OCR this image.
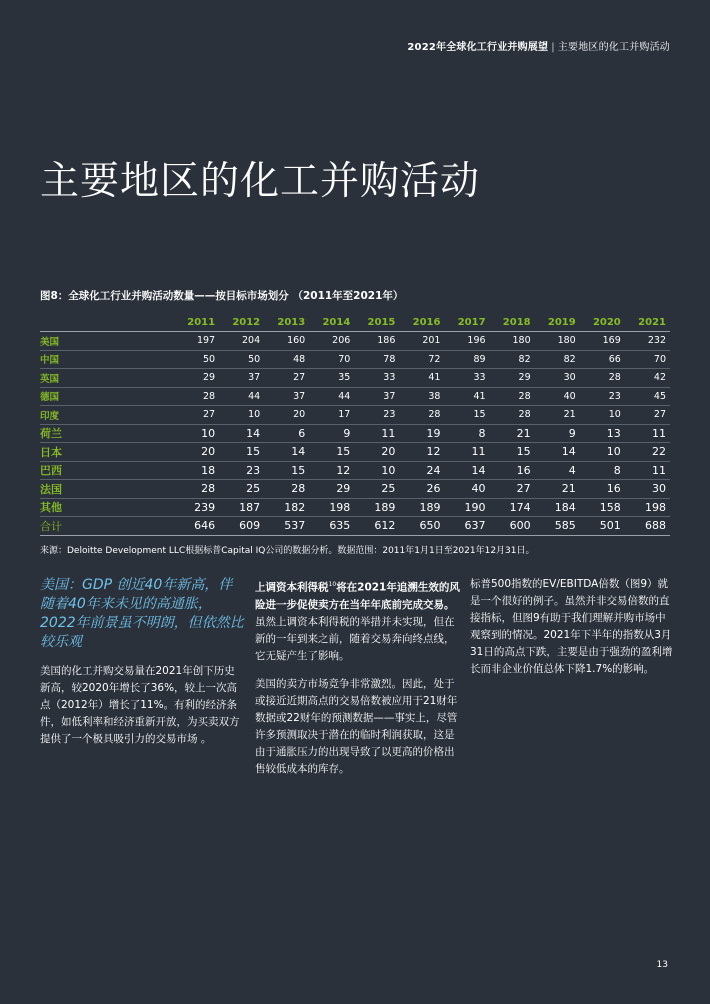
2022年全球化工行业并购展望 | 主要地区的化工并购活动
主要地区的化工并购活动
图8：全球化工行业并购活动数量——按目标市场划分 （2011年至2021年）
	2011	2012	2013	2014	2015	2016	2017	2018	2019	2020	2021
美国	197	204	160	206	186	201	196	180	180	169	232
中国	50	50	48	70	78	72	89	82	82	66	70
英国	29	37	27	35	33	41	33	29	30	28	42
德国	28	44	37	44	37	38	41	28	40	23	45
印度	27	10	20	17	23	28	15	28	21	10	27
荷兰	10	14	6	9	11	19	8	21	9	13	11
日本	20	15	14	15	20	12	11	15	14	10	22
巴西	18	23	15	12	10	24	14	16	4	8	11
法国	28	25	28	29	25	26	40	27	21	16	30
其他	239	187	182	198	189	189	190	174	184	158	198
合计	646	609	537	635	612	650	637	600	585	501	688
来源：Deloitte Development LLC根据标普Capital IQ公司的数据分析。数据范围：2011年1月1日至2021年12月31日。

美国：GDP 创近40年新高，伴随着40年来未见的高通胀，2022年前景虽不明朗，但依然比较乐观

美国的化工并购交易量在2021年创下历史新高，较2020年增长了36%，较上一次高点（2012年）增长了11%。有利的经济条件，如低利率和经济重新开放，为买卖双方提供了一个极具吸引力的交易市场 。

上调资本利得税$^{10}$将在2021年追溯生效的风险进一步促使卖方在当年年底前完成交易。虽然上调资本利得税的举措并未实现，但在新的一年到来之前，随着交易奔向终点线，它无疑产生了影响。

美国的卖方市场竞争非常激烈。因此，处于或接近近期高点的交易倍数被应用于21财年数据或22财年的预测数据——事实上，尽管许多预测取决于潜在的临时利润获取，这是由于通胀压力的出现导致了以更高的价格出售较低成本的库存。

标普500指数的EV/EBITDA倍数（图9）就是一个很好的例子。虽然并非交易倍数的直接指标，但图9有助于我们理解并购市场中观察到的情况。2021年下半年的指数从3月31日的高点下跌，主要是由于强劲的盈利增长而非企业价值总体下降1.7%的影响。

13
